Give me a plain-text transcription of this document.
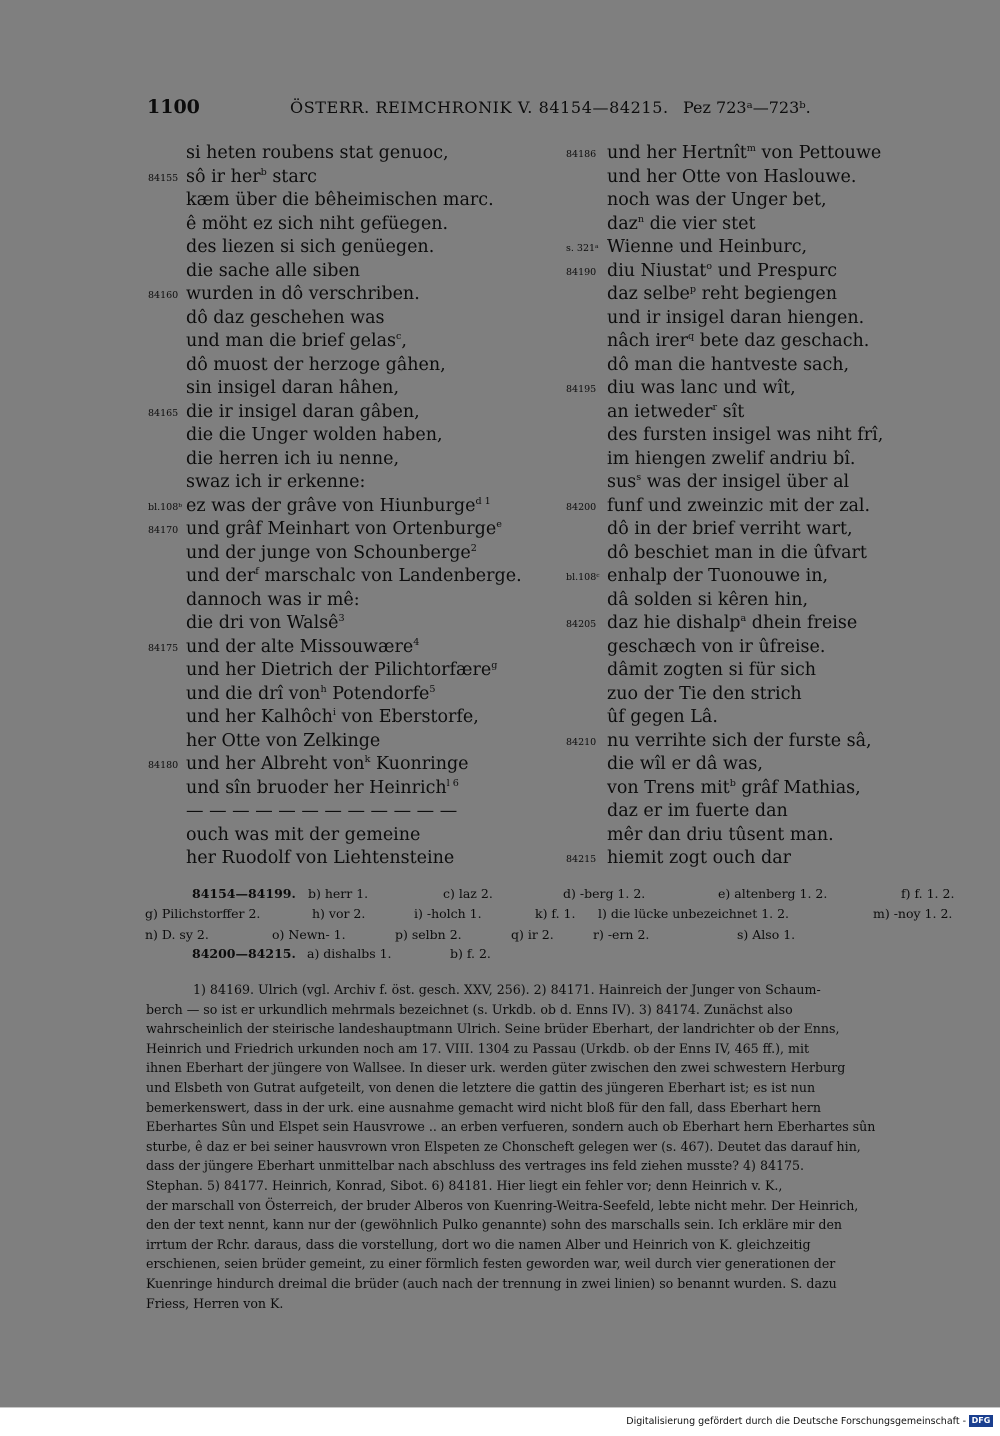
1100	ÖSTERR. REIMCHRONIK V. 84154—84215. Pez 723ᵃ—723ᵇ.
si heten roubens stat genuoc,
84155 sô ir her$^b$ starc
kæm über die bêheimischen marc.
ê möht ez sich niht gefüegen.
des liezen si sich genüegen.
die sache alle siben
84160 wurden in dô verschriben.
dô daz geschehen was
und man die brief gelas$^c$,
dô muost der herzoge gâhen,
sin insigel daran hâhen,
84165 die ir insigel daran gâben,
die die Unger wolden haben,
die herren ich iu nenne,
swaz ich ir erkenne:
bl.108ᵇ ez was der grâve von Hiunburge$^{d 1}$
84170 und grâf Meinhart von Ortenburge$^e$
und der junge von Schounberge$^2$
und der$^f$ marschalc von Landenberge.
dannoch was ir mê:
die dri von Walsê$^3$
84175 und der alte Missouwære$^4$
und her Dietrich der Pilichtorfære$^g$
und die drî von$^h$ Potendorfe$^5$
und her Kalhôch$^i$ von Eberstorfe,
her Otte von Zelkinge
84180 und her Albreht von$^k$ Kuonringe
und sîn bruoder her Heinrich$^{l 6}$
— — — — — — — — — — — —
ouch was mit der gemeine
her Ruodolf von Liehtensteine
84186 und her Hertnît$^m$ von Pettouwe
und her Otte von Haslouwe.
noch was der Unger bet,
daz$^n$ die vier stet
s. 321ᵃ Wienne und Heinburc,
84190 diu Niustat$^o$ und Prespurc
daz selbe$^p$ reht begiengen
und ir insigel daran hiengen.
nâch irer$^q$ bete daz geschach.
dô man die hantveste sach,
84195 diu was lanc und wît,
an ietweder$^r$ sît
des fursten insigel was niht frî,
im hiengen zwelif andriu bî.
sus$^s$ was der insigel über al
84200 funf und zweinzic mit der zal.
dô in der brief verriht wart,
dô beschiet man in die ûfvart
bl.108ᶜ enhalp der Tuonouwe in,
dâ solden si kêren hin,
84205 daz hie dishalp$^a$ dhein freise
geschæch von ir ûfreise.
dâmit zogten si für sich
zuo der Tie den strich
ûf gegen Lâ.
84210 nu verrihte sich der furste sâ,
die wîl er dâ was,
von Trens mit$^b$ grâf Mathias,
daz er im fuerte dan
mêr dan driu tûsent man.
84215 hiemit zogt ouch dar
84154—84199. b) herr 1.	c) laz 2.	d) -berg 1. 2.	e) altenberg 1. 2.	f) f. 1. 2.
g) Pilichstorffer 2.	h) vor 2.	i) -holch 1.	k) f. 1. l) die lücke unbezeichnet 1. 2.	m) -noy 1. 2.
n) D. sy 2.	o) Newn- 1.	p) selbn 2.	q) ir 2.	r) -ern 2.	s) Also 1.
a) dishalbs 1.	b) f. 2.
84200—84215.
1) 84169. Ulrich (vgl. Archiv f. öst. gesch. XXV, 256). 2) 84171. Hainreich der Junger von Schaum-
berch — so ist er urkundlich mehrmals bezeichnet (s. Urkdb. ob d. Enns IV). 3) 84174. Zunächst also
wahrscheinlich der steirische landeshauptmann Ulrich. Seine brüder Eberhart, der landrichter ob der Enns,
Heinrich und Friedrich urkunden noch am 17. VIII. 1304 zu Passau (Urkdb. ob der Enns IV, 465 ff.), mit
ihnen Eberhart der jüngere von Wallsee. In dieser urk. werden güter zwischen den zwei schwestern Herburg
und Elsbeth von Gutrat aufgeteilt, von denen die letztere die gattin des jüngeren Eberhart ist; es ist nun
bemerkenswert, dass in der urk. eine ausnahme gemacht wird nicht bloß für den fall, dass Eberhart hern
Eberhartes Sûn und Elspet sein Hausvrowe .. an erben verfueren, sondern auch ob Eberhart hern Eberhartes sûn
sturbe, ê daz er bei seiner hausvrown vron Elspeten ze Chonscheft gelegen wer (s. 467). Deutet das darauf hin,
dass der jüngere Eberhart unmittelbar nach abschluss des vertrages ins feld ziehen musste? 4) 84175.
Stephan. 5) 84177. Heinrich, Konrad, Sibot. 6) 84181. Hier liegt ein fehler vor; denn Heinrich v. K.,
der marschall von Österreich, der bruder Alberos von Kuenring-Weitra-Seefeld, lebte nicht mehr. Der Heinrich,
den der text nennt, kann nur der (gewöhnlich Pulko genannte) sohn des marschalls sein. Ich erkläre mir den
irrtum der Rchr. daraus, dass die vorstellung, dort wo die namen Alber und Heinrich von K. gleichzeitig
erschienen, seien brüder gemeint, zu einer förmlich festen geworden war, weil durch vier generationen der
Kuenringe hindurch dreimal die brüder (auch nach der trennung in zwei linien) so benannt wurden. S. dazu
Friess, Herren von K.
Digitalisierung gefördert durch die Deutsche Forschungsgemeinschaft - DFG
